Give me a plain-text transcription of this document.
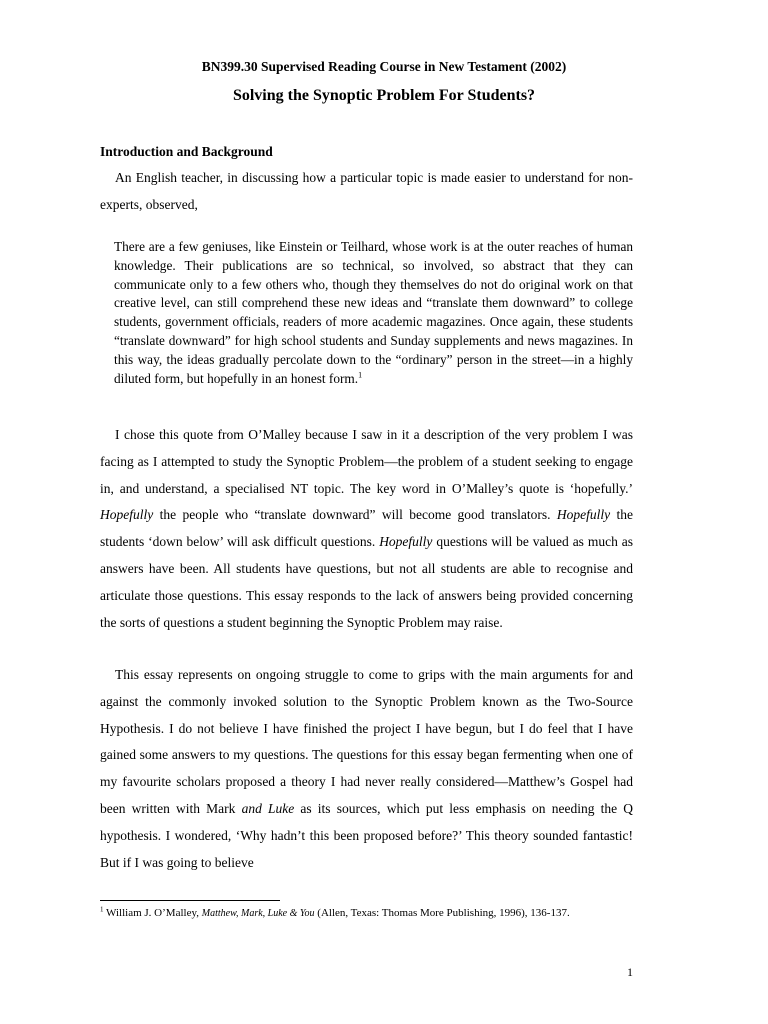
BN399.30 Supervised Reading Course in New Testament (2002)
Solving the Synoptic Problem For Students?
Introduction and Background

An English teacher, in discussing how a particular topic is made easier to understand for non-experts, observed,

There are a few geniuses, like Einstein or Teilhard, whose work is at the outer reaches of human knowledge. Their publications are so technical, so involved, so abstract that they can communicate only to a few others who, though they themselves do not do original work on that creative level, can still comprehend these new ideas and “translate them downward” to college students, government officials, readers of more academic magazines. Once again, these students “translate downward” for high school students and Sunday supplements and news magazines. In this way, the ideas gradually percolate down to the “ordinary” person in the street—in a highly diluted form, but hopefully in an honest form.$^1$

I chose this quote from O’Malley because I saw in it a description of the very problem I was facing as I attempted to study the Synoptic Problem—the problem of a student seeking to engage in, and understand, a specialised NT topic. The key word in O’Malley’s quote is ‘hopefully.’ Hopefully the people who “translate downward” will become good translators. Hopefully the students ‘down below’ will ask difficult questions. Hopefully questions will be valued as much as answers have been. All students have questions, but not all students are able to recognise and articulate those questions. This essay responds to the lack of answers being provided concerning the sorts of questions a student beginning the Synoptic Problem may raise.

This essay represents on ongoing struggle to come to grips with the main arguments for and against the commonly invoked solution to the Synoptic Problem known as the Two-Source Hypothesis. I do not believe I have finished the project I have begun, but I do feel that I have gained some answers to my questions. The questions for this essay began fermenting when one of my favourite scholars proposed a theory I had never really considered—Matthew’s Gospel had been written with Mark and Luke as its sources, which put less emphasis on needing the Q hypothesis. I wondered, ‘Why hadn’t this been proposed before?’ This theory sounded fantastic! But if I was going to believe

$^1$ William J. O’Malley, Matthew, Mark, Luke & You (Allen, Texas: Thomas More Publishing, 1996), 136-137.

1
